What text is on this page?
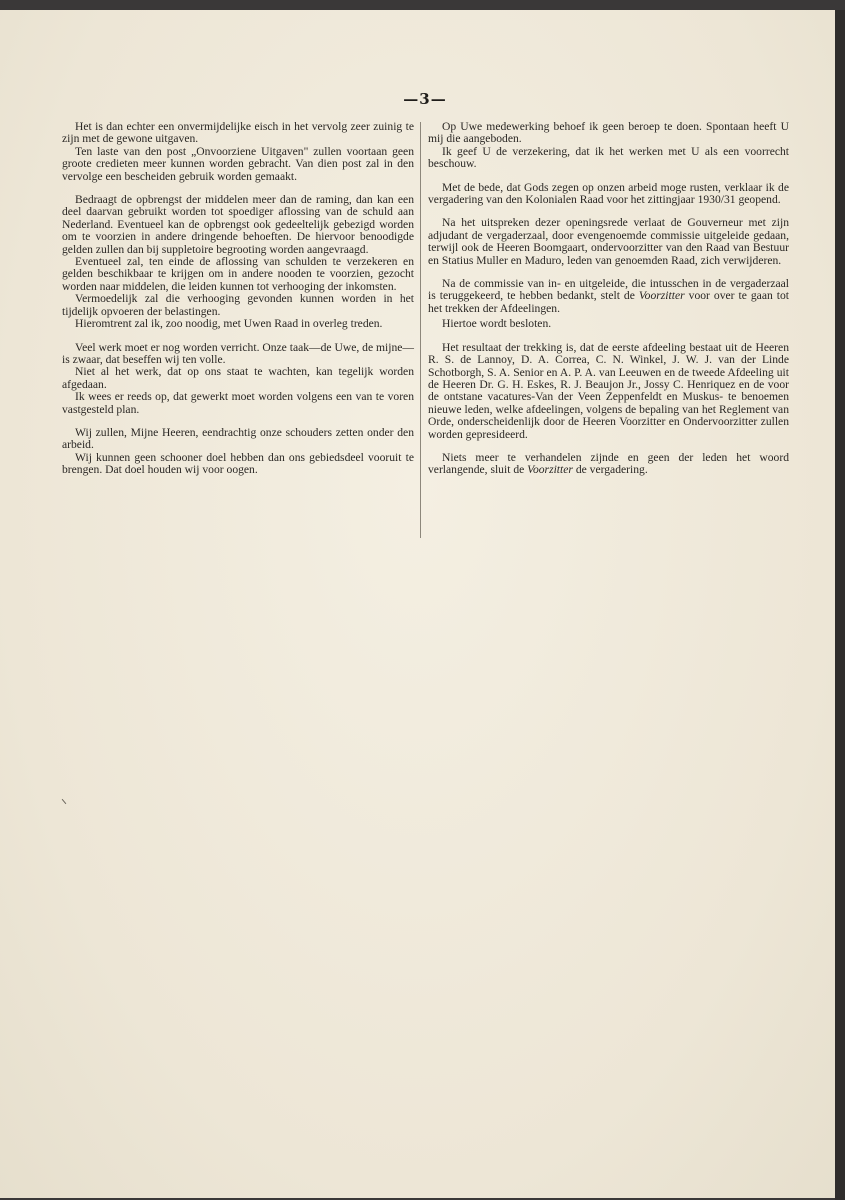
—3—

Het is dan echter een onvermijdelijke eisch in het vervolg zeer zuinig te zijn met de gewone uitgaven.

Ten laste van den post „Onvoorziene Uitgaven" zullen voortaan geen groote credieten meer kunnen worden gebracht. Van dien post zal in den vervolge een bescheiden gebruik worden gemaakt.

Bedraagt de opbrengst der middelen meer dan de raming, dan kan een deel daarvan gebruikt worden tot spoediger aflossing van de schuld aan Nederland. Eventueel kan de opbrengst ook gedeeltelijk gebezigd worden om te voorzien in andere dringende behoeften. De hiervoor benoodigde gelden zullen dan bij suppletoire begrooting worden aangevraagd.

Eventueel zal, ten einde de aflossing van schulden te verzekeren en gelden beschikbaar te krijgen om in andere nooden te voorzien, gezocht worden naar middelen, die leiden kunnen tot verhooging der inkomsten.

Vermoedelijk zal die verhooging gevonden kunnen worden in het tijdelijk opvoeren der belastingen.

Hieromtrent zal ik, zoo noodig, met Uwen Raad in overleg treden.

Veel werk moet er nog worden verricht. Onze taak—de Uwe, de mijne—is zwaar, dat beseffen wij ten volle.

Niet al het werk, dat op ons staat te wachten, kan tegelijk worden afgedaan.

Ik wees er reeds op, dat gewerkt moet worden volgens een van te voren vastgesteld plan.

Wij zullen, Mijne Heeren, eendrachtig onze schouders zetten onder den arbeid.

Wij kunnen geen schooner doel hebben dan ons gebiedsdeel vooruit te brengen. Dat doel houden wij voor oogen.

Op Uwe medewerking behoef ik geen beroep te doen. Spontaan heeft U mij die aangeboden.

Ik geef U de verzekering, dat ik het werken met U als een voorrecht beschouw.

Met de bede, dat Gods zegen op onzen arbeid moge rusten, verklaar ik de vergadering van den Kolonialen Raad voor het zittingjaar 1930/31 geopend.

Na het uitspreken dezer openingsrede verlaat de Gouverneur met zijn adjudant de vergaderzaal, door evengenoemde commissie uitgeleide gedaan, terwijl ook de Heeren Boomgaart, ondervoorzitter van den Raad van Bestuur en Statius Muller en Maduro, leden van genoemden Raad, zich verwijderen.

Na de commissie van in- en uitgeleide, die intusschen in de vergaderzaal is teruggekeerd, te hebben bedankt, stelt de Voorzitter voor over te gaan tot het trekken der Afdeelingen.

Hiertoe wordt besloten.

Het resultaat der trekking is, dat de eerste afdeeling bestaat uit de Heeren R. S. de Lannoy, D. A. Correa, C. N. Winkel, J. W. J. van der Linde Schotborgh, S. A. Senior en A. P. A. van Leeuwen en de tweede Afdeeling uit de Heeren Dr. G. H. Eskes, R. J. Beaujon Jr., Jossy C. Henriquez en de voor de ontstane vacatures-Van der Veen Zeppenfeldt en Muskus- te benoemen nieuwe leden, welke afdeelingen, volgens de bepaling van het Reglement van Orde, onderscheidenlijk door de Heeren Voorzitter en Ondervoorzitter zullen worden gepresideerd.

Niets meer te verhandelen zijnde en geen der leden het woord verlangende, sluit de Voorzitter de vergadering.
